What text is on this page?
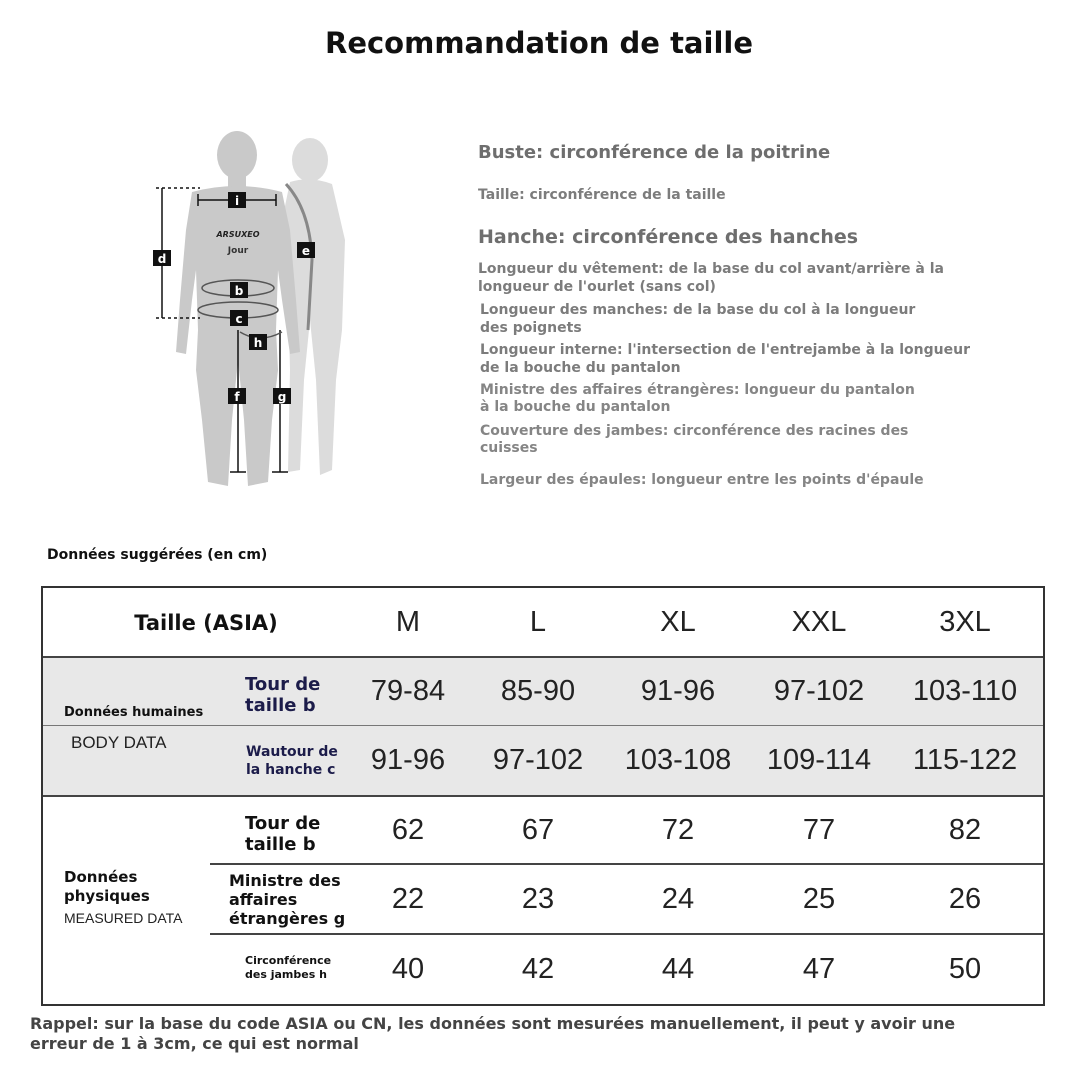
Recommandation de taille
ARSUXEO
Jour
i
d
e
b
c
h
f	g
Buste: circonférence de la poitrine
Taille: circonférence de la taille
Hanche: circonférence des hanches
Longueur du vêtement: de la base du col avant/arrière à la
longueur de l'ourlet (sans col)
Longueur des manches: de la base du col à la longueur
des poignets
Longueur interne: l'intersection de l'entrejambe à la longueur
de la bouche du pantalon
Ministre des affaires étrangères: longueur du pantalon
à la bouche du pantalon
Couverture des jambes: circonférence des racines des
cuisses
Largeur des épaules: longueur entre les points d'épaule
Données suggérées (en cm)
Taille (ASIA)	M	L	XL	XXL	3XL
Données humaines
BODY DATA
Tour de
taille b	79-84	85-90	91-96	97-102	103-110
Wautour de
la hanche c	91-96	97-102	103-108	109-114	115-122
Données
physiques
MEASURED DATA
Tour de
taille b	62	67	72	77	82
Ministre des
affaires
étrangères g
22	23	24	25	26
Circonférence
des jambes h	40	42	44	47	50
Rappel: sur la base du code ASIA ou CN, les données sont mesurées manuellement, il peut y avoir une
erreur de 1 à 3cm, ce qui est normal
